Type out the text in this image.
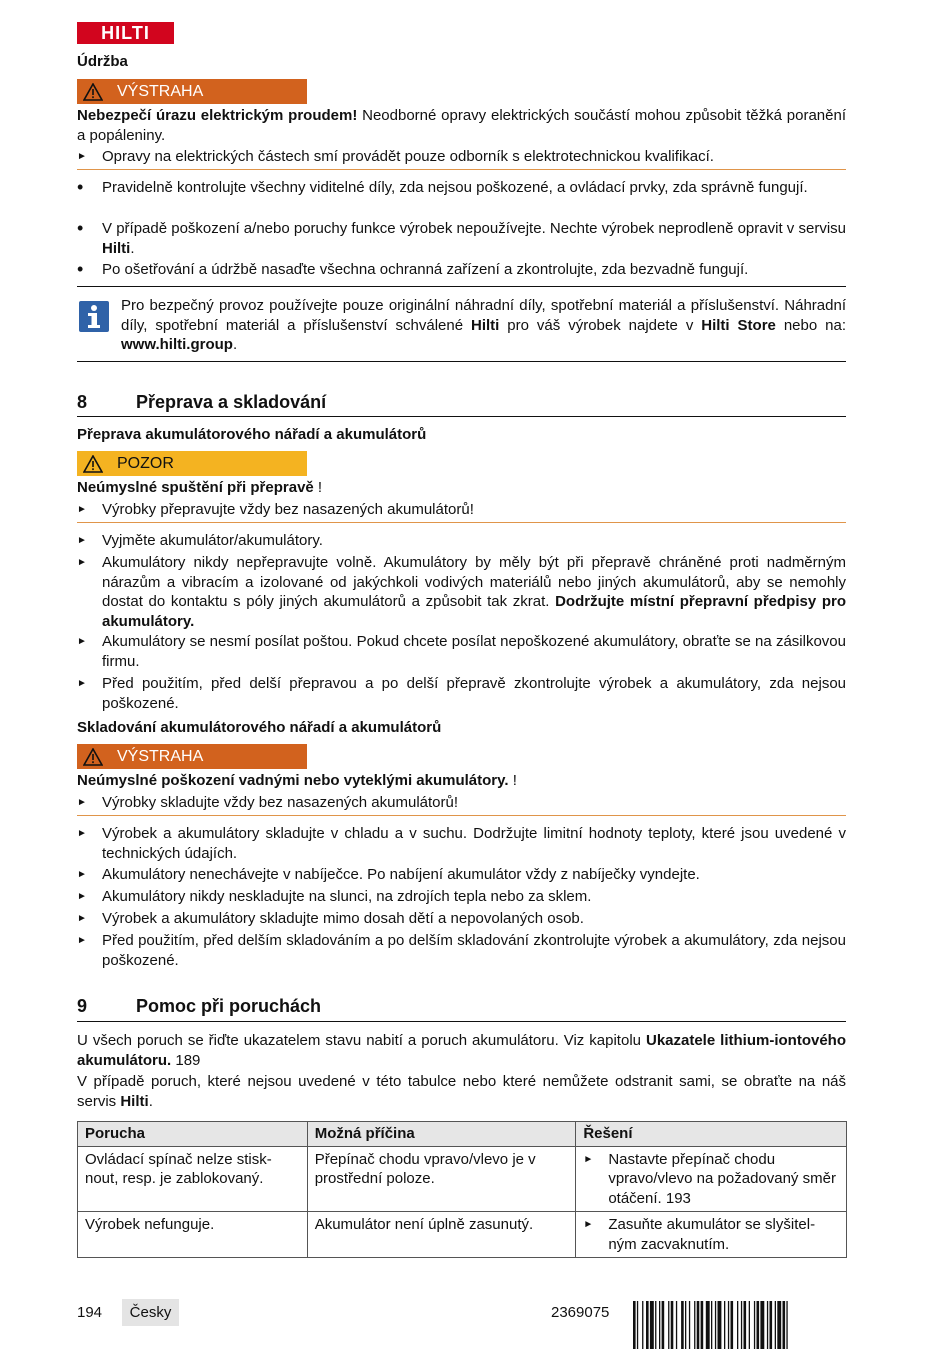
HILTI
Údržba
VÝSTRAHA
Nebezpečí úrazu elektrickým proudem! Neodborné opravy elektrických součástí mohou způsobit těžká poranění a popáleniny.
►	Opravy na elektrických částech smí provádět pouze odborník s elektrotechnickou kvalifikací.
•	Pravidelně kontrolujte všechny viditelné díly, zda nejsou poškozené, a ovládací prvky, zda správně fungují.
•	V případě poškození a/nebo poruchy funkce výrobek nepoužívejte. Nechte výrobek neprodleně opravit v servisu Hilti.
•	Po ošetřování a údržbě nasaďte všechna ochranná zařízení a zkontrolujte, zda bezvadně fungují.
Pro bezpečný provoz používejte pouze originální náhradní díly, spotřební materiál a příslušenství. Náhradní díly, spotřební materiál a příslušenství schválené Hilti pro váš výrobek najdete v Hilti Store nebo na: www.hilti.group.
8	Přeprava a skladování
Přeprava akumulátorového nářadí a akumulátorů
POZOR
Neúmyslné spuštění při přepravě !
►	Výrobky přepravujte vždy bez nasazených akumulátorů!
►	Vyjměte akumulátor/akumulátory.
►	Akumulátory nikdy nepřepravujte volně. Akumulátory by měly být při přepravě chráněné proti nadměrným nárazům a vibracím a izolované od jakýchkoli vodivých materiálů nebo jiných akumulátorů, aby se nemohly dostat do kontaktu s póly jiných akumulátorů a způsobit tak zkrat. Dodržujte místní přepravní předpisy pro akumulátory.
►	Akumulátory se nesmí posílat poštou. Pokud chcete posílat nepoškozené akumulátory, obraťte se na zásilkovou firmu.
►	Před použitím, před delší přepravou a po delší přepravě zkontrolujte výrobek a akumulátory, zda nejsou poškozené.
Skladování akumulátorového nářadí a akumulátorů
VÝSTRAHA
Neúmyslné poškození vadnými nebo vyteklými akumulátory. !
►	Výrobky skladujte vždy bez nasazených akumulátorů!
►	Výrobek a akumulátory skladujte v chladu a v suchu. Dodržujte limitní hodnoty teploty, které jsou uvedené v technických údajích.
►	Akumulátory nenechávejte v nabíječce. Po nabíjení akumulátor vždy z nabíječky vyndejte.
►	Akumulátory nikdy neskladujte na slunci, na zdrojích tepla nebo za sklem.
►	Výrobek a akumulátory skladujte mimo dosah dětí a nepovolaných osob.
►	Před použitím, před delším skladováním a po delším skladování zkontrolujte výrobek a akumulátory, zda nejsou poškozené.
9	Pomoc při poruchách
U všech poruch se řiďte ukazatelem stavu nabití a poruch akumulátoru. Viz kapitolu Ukazatele lithium-iontového akumulátoru. 189
V případě poruch, které nejsou uvedené v této tabulce nebo které nemůžete odstranit sami, se obraťte na náš servis Hilti.
Porucha	Možná příčina	Řešení
Ovládací spínač nelze stisk-nout, resp. je zablokovaný.	Přepínač chodu vpravo/vlevo je v prostřední poloze.	► Nastavte přepínač chodu vpravo/vlevo na požadovaný směr otáčení. 193

Výrobek nefunguje.	Akumulátor není úplně zasunutý.	► Zasuňte akumulátor se slyšitel-ným zacvaknutím.
194 Česky	2369075
